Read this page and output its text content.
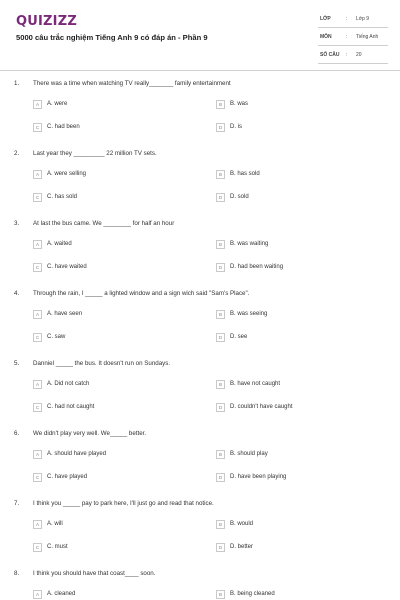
QUIZIZZ
5000 câu trắc nghiệm Tiếng Anh 9 có đáp án - Phần 9
LỚP	: Lớp 9
MÔN	: Tiếng Anh
SỐ CÂU : 20
1. There was a time when watching TV really_______ family entertainment
A	A. were	B	B. was
C	C. had been	D	D. is
2. Last year they _________ 22 million TV sets.
A	A. were selling	B	B. has sold
C	C. has sold	D	D. sold
3. At last the bus came. We ________ for half an hour
A	A. waited	B	B. was waiting
C	C. have waited	D	D. had been waiting
4. Through the rain, I _____ a lighted window and a sign wich said "Sam's Place".
A	A. have seen	B	B. was seeing
C	C. saw	D	D. see
5. Danniel _____ the bus. It doesn't run on Sundays.
A	A. Did not catch	B	B. have not caught
C	C. had not caught	D	D. couldn't have caught
6. We didn't play very well. We_____ better.
A	A. should have played	B	B. should play
C	C. have played	D	D. have been playing
7. I think you _____ pay to park here, I'll just go and read that notice.
A	A. will	B	B. would
C	C. must	D	D. better
8. I think you should have that coast____ soon.
A	A. cleaned	B	B. being cleaned
